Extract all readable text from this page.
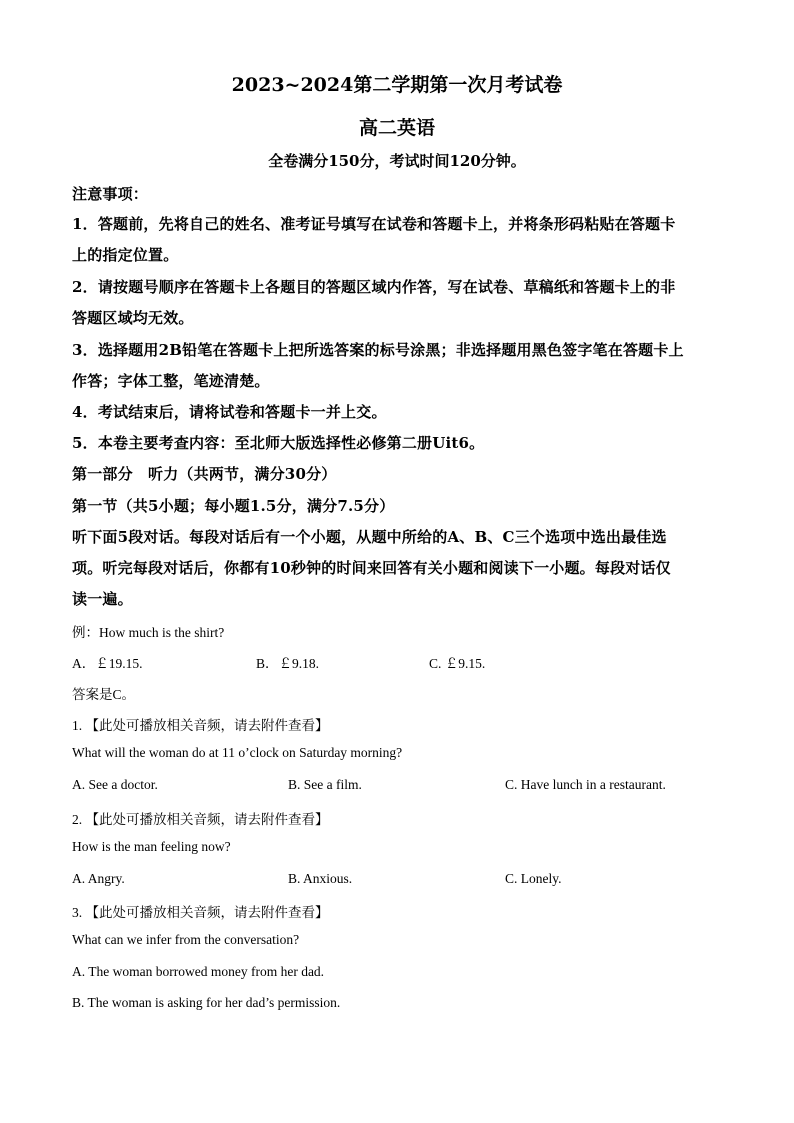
2023~2024第二学期第一次月考试卷
高二英语
全卷满分150分，考试时间120分钟。
注意事项：
1．答题前，先将自己的姓名、准考证号填写在试卷和答题卡上，并将条形码粘贴在答题卡
上的指定位置。
2．请按题号顺序在答题卡上各题目的答题区域内作答，写在试卷、草稿纸和答题卡上的非
答题区域均无效。
3．选择题用2B铅笔在答题卡上把所选答案的标号涂黑；非选择题用黑色签字笔在答题卡上
作答；字体工整，笔迹清楚。
4．考试结束后，请将试卷和答题卡一并上交。
5．本卷主要考查内容：至北师大版选择性必修第二册Uit6。
第一部分　听力（共两节，满分30分）
第一节（共5小题；每小题1.5分，满分7.5分）
听下面5段对话。每段对话后有一个小题，从题中所给的A、B、C三个选项中选出最佳选
项。听完每段对话后，你都有10秒钟的时间来回答有关小题和阅读下一小题。每段对话仅
读一遍。
例：How much is the shirt?
A．￡19.15.	B．￡9.18.	C. ￡9.15.
答案是C。
1. 【此处可播放相关音频，请去附件查看】
What will the woman do at 11 o’clock on Saturday morning?
A. See a doctor.	B. See a film.	C. Have lunch in a restaurant.
2. 【此处可播放相关音频，请去附件查看】
How is the man feeling now?
A. Angry.	B. Anxious.	C. Lonely.
3. 【此处可播放相关音频，请去附件查看】
What can we infer from the conversation?
A. The woman borrowed money from her dad.
B. The woman is asking for her dad’s permission.
